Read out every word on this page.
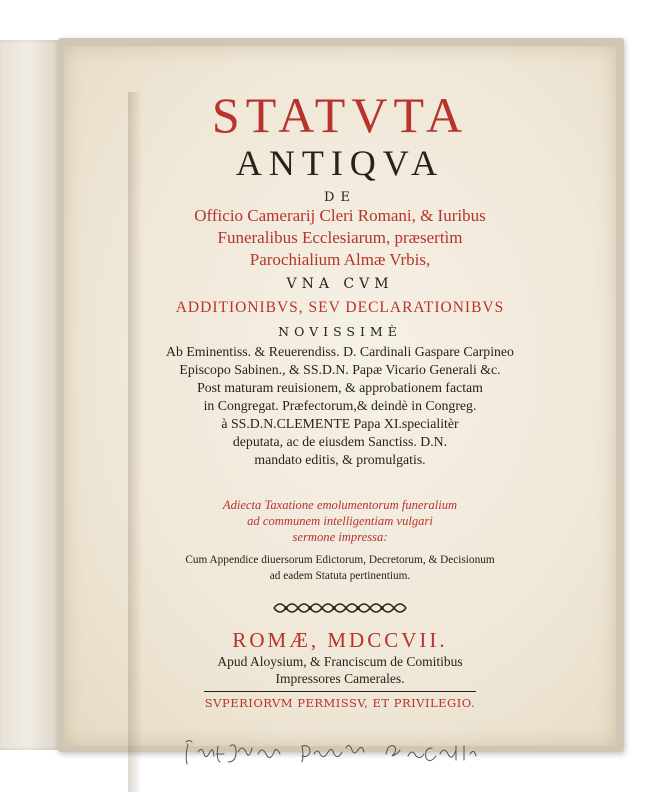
STATVTA
ANTIQVA
DE
Officio Camerarij Cleri Romani, & Iuribus
Funeralibus Ecclesiarum, præsertìm
Parochialium Almæ Vrbis,
VNA CVM
ADDITIONIBVS, SEV DECLARATIONIBVS
NOVISSIMÈ
Ab Eminentiss. & Reuerendiss. D. Cardinali Gaspare Carpineo
Episcopo Sabinen., & SS.D.N. Papæ Vicario Generali &c.
Post maturam reuisionem, & approbationem factam
in Congregat. Præfectorum,& deindè in Congreg.
à SS.D.N.CLEMENTE Papa XI.specialitèr
deputata, ac de eiusdem Sanctiss. D.N.
mandato editis, & promulgatis.
Adiecta Taxatione emolumentorum funeralium
ad communem intelligentiam vulgari
sermone impressa:
Cum Appendice diuersorum Edictorum, Decretorum, & Decisionum
ad eadem Statuta pertinentium.
ROMÆ, MDCCVII.
Apud Aloysium, & Franciscum de Comitibus
Impressores Camerales.
SVPERIORVM PERMISSV, ET PRIVILEGIO.
